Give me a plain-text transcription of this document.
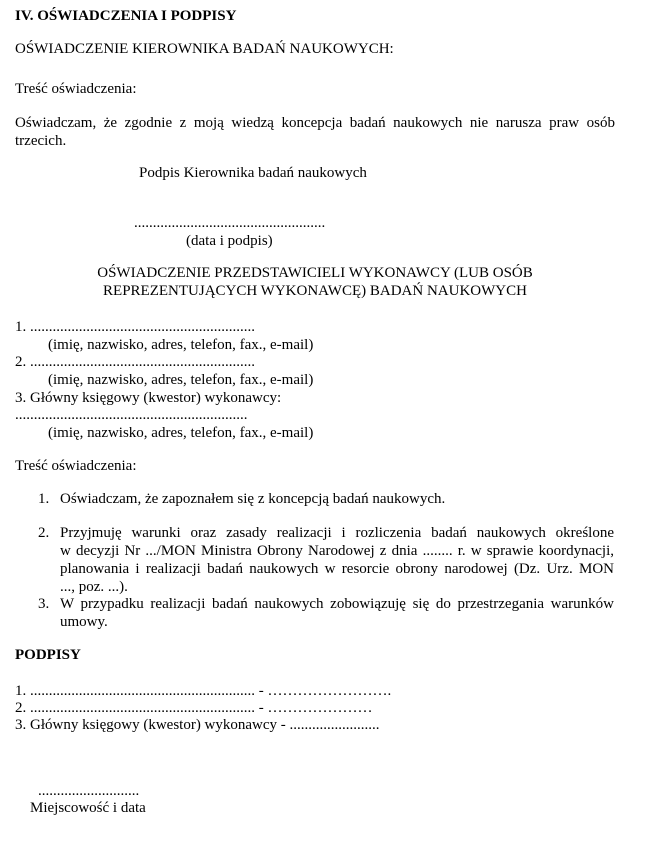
IV. OŚWIADCZENIA I PODPISY
OŚWIADCZENIE KIEROWNIKA BADAŃ NAUKOWYCH:
Treść oświadczenia:
Oświadczam, że zgodnie z moją wiedzą koncepcja badań naukowych nie narusza praw osób
trzecich.
Podpis Kierownika badań naukowych
...................................................
(data i podpis)
OŚWIADCZENIE PRZEDSTAWICIELI WYKONAWCY (LUB OSÓB
REPREZENTUJĄCYCH WYKONAWCĘ) BADAŃ NAUKOWYCH
1. ............................................................
(imię, nazwisko, adres, telefon, fax., e-mail)
2. ............................................................
(imię, nazwisko, adres, telefon, fax., e-mail)
3. Główny księgowy (kwestor) wykonawcy:
..............................................................
(imię, nazwisko, adres, telefon, fax., e-mail)
Treść oświadczenia:
1. Oświadczam, że zapoznałem się z koncepcją badań naukowych.
2. Przyjmuję warunki oraz zasady realizacji i rozliczenia badań naukowych określone
w decyzji Nr .../MON Ministra Obrony Narodowej z dnia ........ r. w sprawie koordynacji,
planowania i realizacji badań naukowych w resorcie obrony narodowej (Dz. Urz. MON
..., poz. ...).
3. W przypadku realizacji badań naukowych zobowiązuję się do przestrzegania warunków
umowy.
PODPISY
1. ............................................................ - …………………….
2. ............................................................ - …………………
3. Główny księgowy (kwestor) wykonawcy - ........................
...........................
Miejscowość i data
